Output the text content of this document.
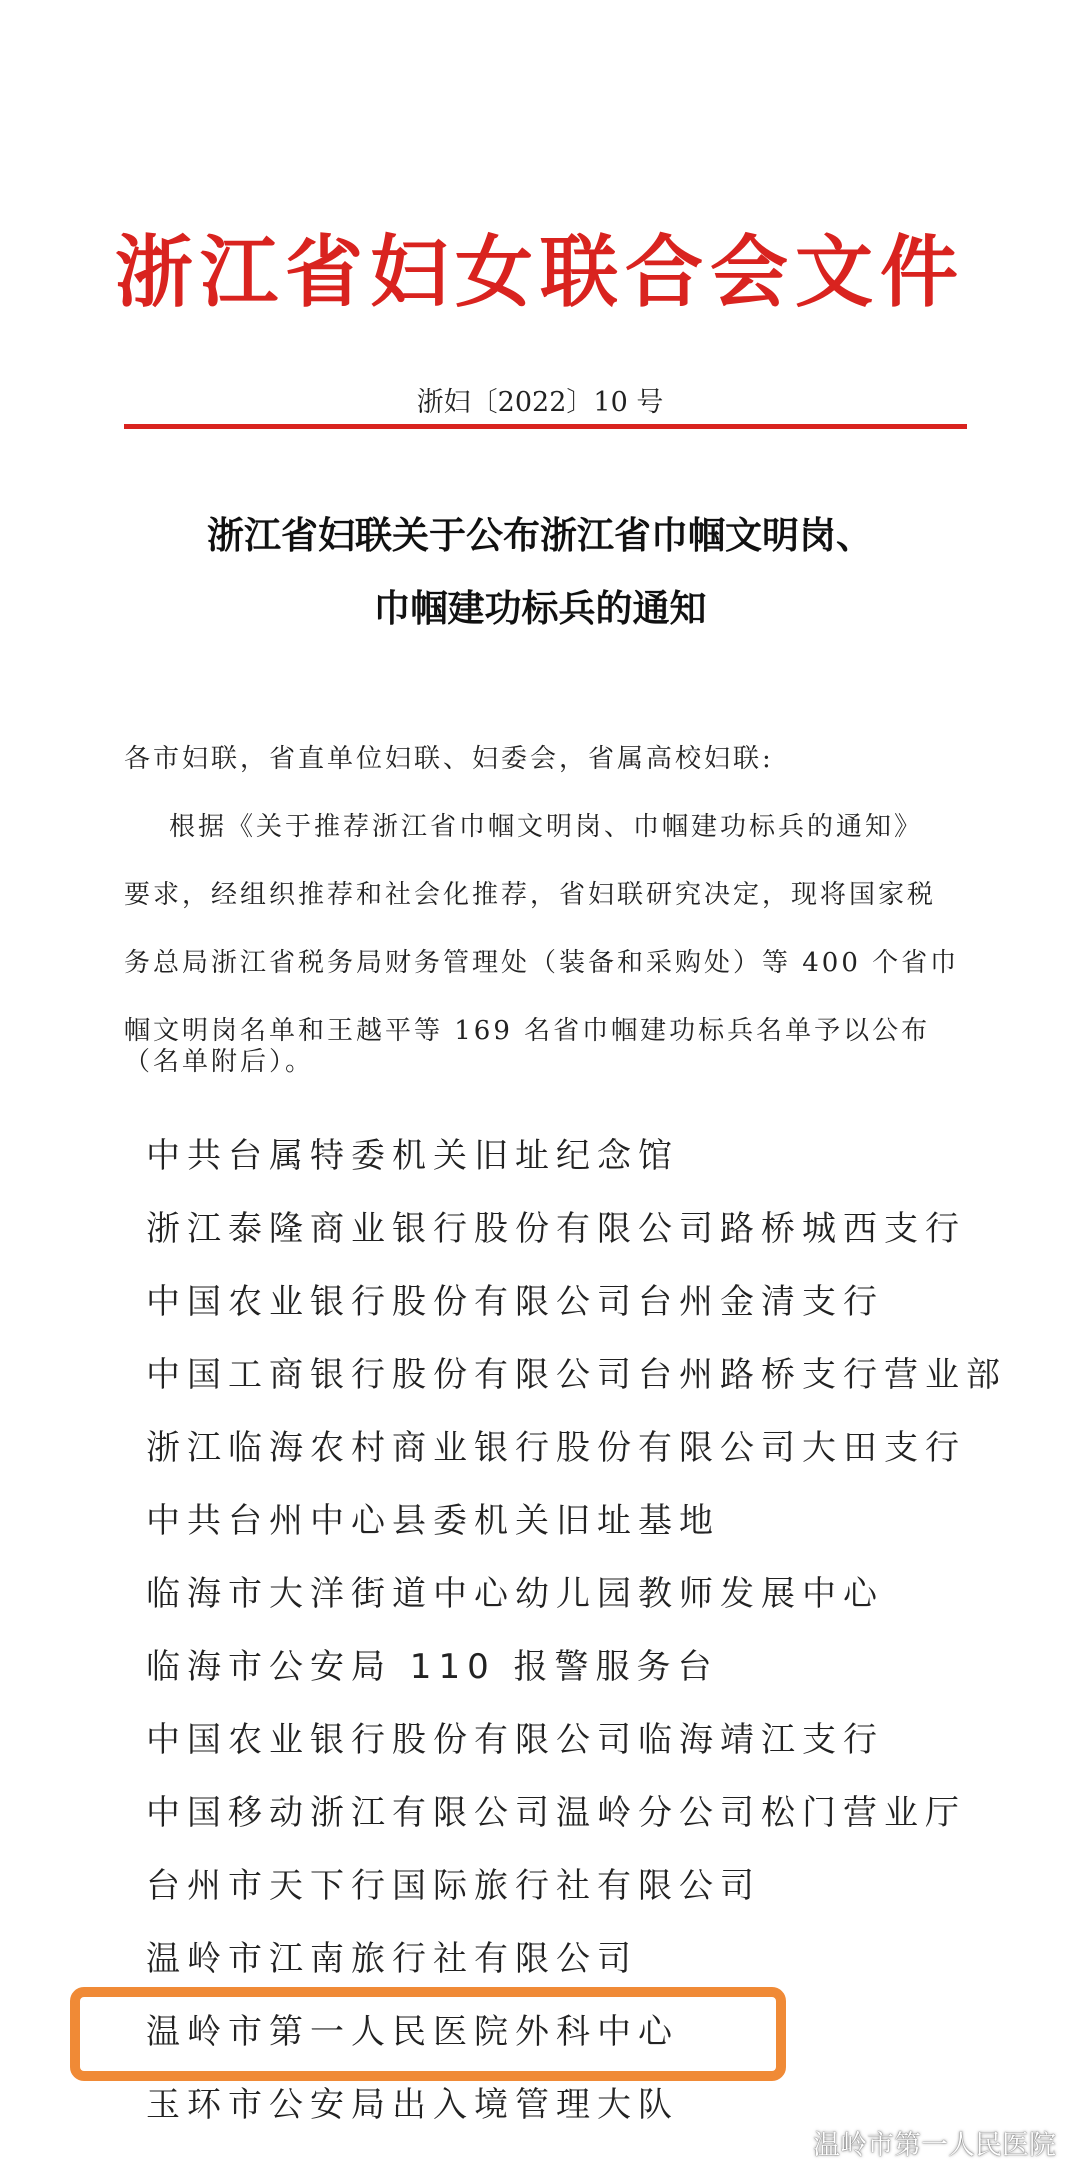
浙江省妇女联合会文件
浙妇〔2022〕10 号
浙江省妇联关于公布浙江省巾帼文明岗、
巾帼建功标兵的通知
各市妇联，省直单位妇联、妇委会，省属高校妇联:
根据《关于推荐浙江省巾帼文明岗、巾帼建功标兵的通知》
要求，经组织推荐和社会化推荐，省妇联研究决定，现将国家税
务总局浙江省税务局财务管理处（装备和采购处）等 400 个省巾
帼文明岗名单和王越平等 169 名省巾帼建功标兵名单予以公布
（名单附后）。

中共台属特委机关旧址纪念馆
浙江泰隆商业银行股份有限公司路桥城西支行
中国农业银行股份有限公司台州金清支行
中国工商银行股份有限公司台州路桥支行营业部
浙江临海农村商业银行股份有限公司大田支行
中共台州中心县委机关旧址基地
临海市大洋街道中心幼儿园教师发展中心
临海市公安局 110 报警服务台
中国农业银行股份有限公司临海靖江支行
中国移动浙江有限公司温岭分公司松门营业厅
台州市天下行国际旅行社有限公司
温岭市江南旅行社有限公司
温岭市第一人民医院外科中心
玉环市公安局出入境管理大队

温岭市第一人民医院
